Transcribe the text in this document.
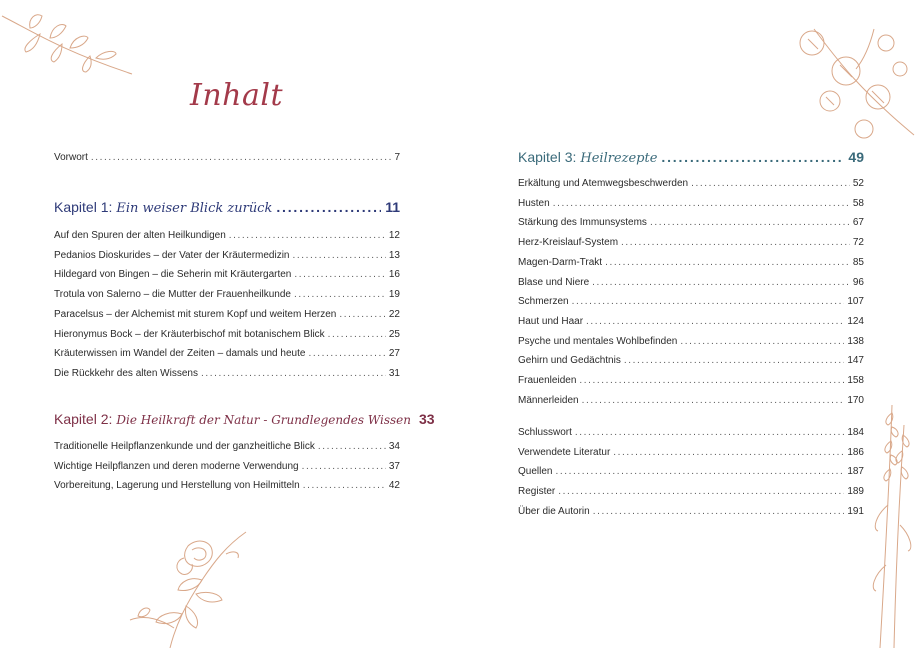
Inhalt
Vorwort .....	7
Kapitel 1: Ein weiser Blick zurück .....	11
Auf den Spuren der alten Heilkundigen .....	12
Pedanios Dioskurides – der Vater der Kräutermedizin .....	13
Hildegard von Bingen – die Seherin mit Kräutergarten .....	16
Trotula von Salerno – die Mutter der Frauenheilkunde .....	19
Paracelsus – der Alchemist mit sturem Kopf und weitem Herzen .....	22
Hieronymus Bock – der Kräuterbischof mit botanischem Blick .....	25
Kräuterwissen im Wandel der Zeiten – damals und heute .....	27
Die Rückkehr des alten Wissens .....	31
Kapitel 2: Die Heilkraft der Natur - Grundlegendes Wissen 33
Traditionelle Heilpflanzenkunde und der ganzheitliche Blick .....	34
Wichtige Heilpflanzen und deren moderne Verwendung .....	37
Vorbereitung, Lagerung und Herstellung von Heilmitteln .....	42
Kapitel 3: Heilrezepte .....	49
Erkältung und Atemwegsbeschwerden .....	52
Husten .....	58
Stärkung des Immunsystems .....	67
Herz-Kreislauf-System .....	72
Magen-Darm-Trakt .....	85
Blase und Niere .....	96
Schmerzen .....	107
Haut und Haar .....	124
Psyche und mentales Wohlbefinden .....	138
Gehirn und Gedächtnis .....	147
Frauenleiden .....	158
Männerleiden .....	170
Schlusswort .....	184
Verwendete Literatur .....	186
Quellen .....	187
Register .....	189
Über die Autorin .....	191
